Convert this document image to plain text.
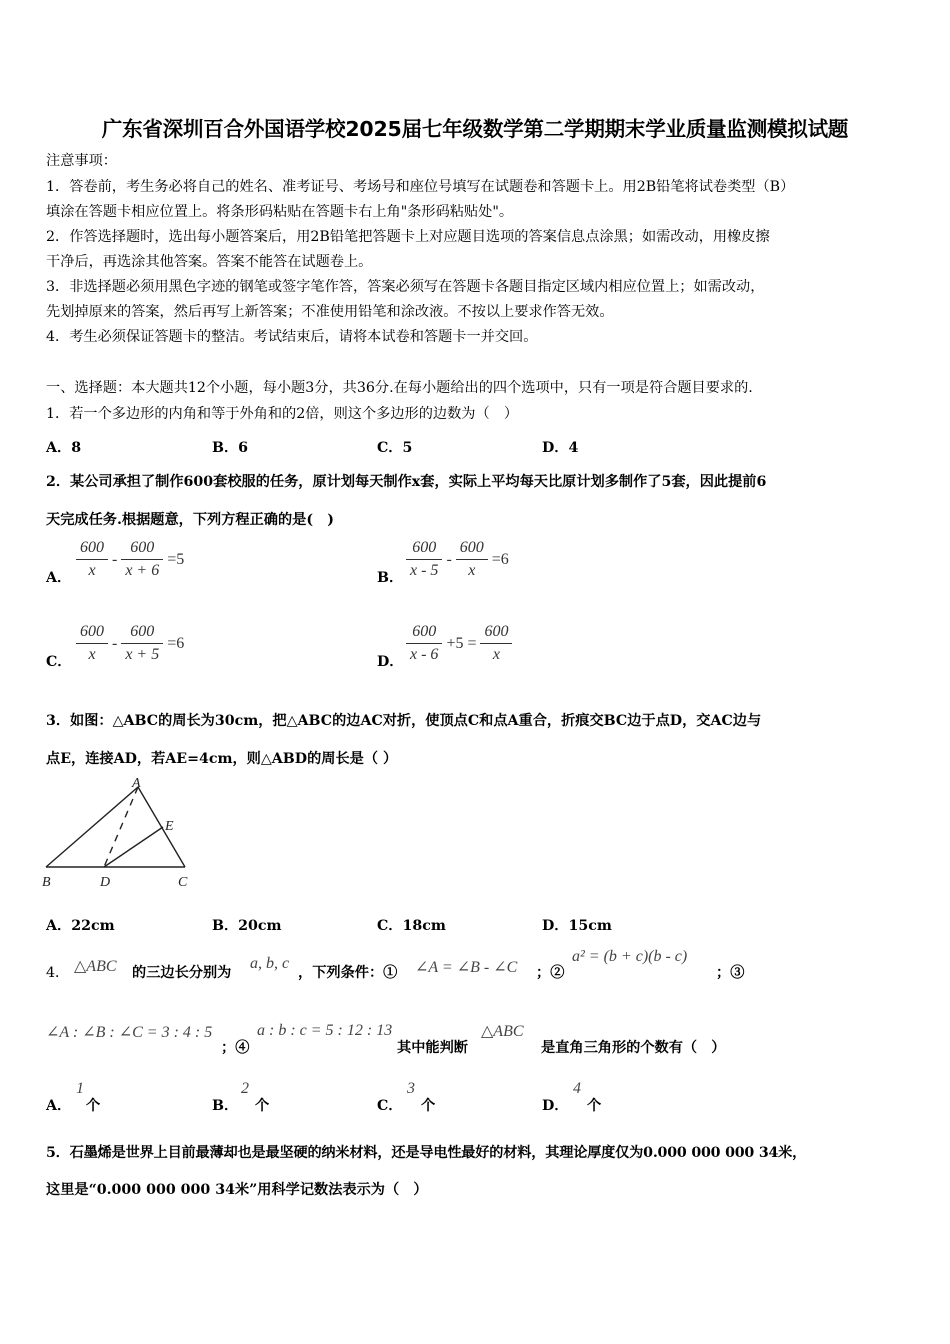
广东省深圳百合外国语学校2025届七年级数学第二学期期末学业质量监测模拟试题
注意事项：
1．答卷前，考生务必将自己的姓名、准考证号、考场号和座位号填写在试题卷和答题卡上。用2B铅笔将试卷类型（B）
填涂在答题卡相应位置上。将条形码粘贴在答题卡右上角"条形码粘贴处"。
2．作答选择题时，选出每小题答案后，用2B铅笔把答题卡上对应题目选项的答案信息点涂黑；如需改动，用橡皮擦
干净后，再选涂其他答案。答案不能答在试题卷上。
3．非选择题必须用黑色字迹的钢笔或签字笔作答，答案必须写在答题卡各题目指定区域内相应位置上；如需改动，
先划掉原来的答案，然后再写上新答案；不准使用铅笔和涂改液。不按以上要求作答无效。
4．考生必须保证答题卡的整洁。考试结束后，请将本试卷和答题卡一并交回。
一、选择题：本大题共12个小题，每小题3分，共36分.在每小题给出的四个选项中，只有一项是符合题目要求的.
1．若一个多边形的内角和等于外角和的2倍，则这个多边形的边数为（　）
A．8	B．6	C．5	D．4
2．某公司承担了制作600套校服的任务，原计划每天制作x套，实际上平均每天比原计划多制作了5套，因此提前6
天完成任务.根据题意，下列方程正确的是(　)
A． $\frac{600}{x} - \frac{600}{x + 6} =5$
B． $\frac{600}{x - 5} - \frac{600}{x} =6$
C． $\frac{600}{x} - \frac{600}{x + 5} =6$
D． $\frac{600}{x - 6} +5 = \frac{600}{x}$
3．如图：△ABC的周长为30cm，把△ABC的边AC对折，使顶点C和点A重合，折痕交BC边于点D，交AC边与
点E，连接AD，若AE=4cm，则△ABD的周长是（ ）
A
B	C
D
E
A．22cm	B．20cm	C．18cm	D．15cm
4． △ABC 的三边长分别为
a, b, c
，下列条件：① ∠A = ∠B - ∠C ；②
a² = (b + c)(b - c)
；③
∠A : ∠B : ∠C = 3 : 4 : 5
；④
a : b : c = 5 : 12 : 13
其中能判断
△ABC
是直角三角形的个数有（　）
A．
1
个	B．
2
个	C．
3
个	D．
4
个
5．石墨烯是世界上目前最薄却也是最坚硬的纳米材料，还是导电性最好的材料，其理论厚度仅为0.000 000 000 34米，
这里是“0.000 000 000 34米”用科学记数法表示为（　）
